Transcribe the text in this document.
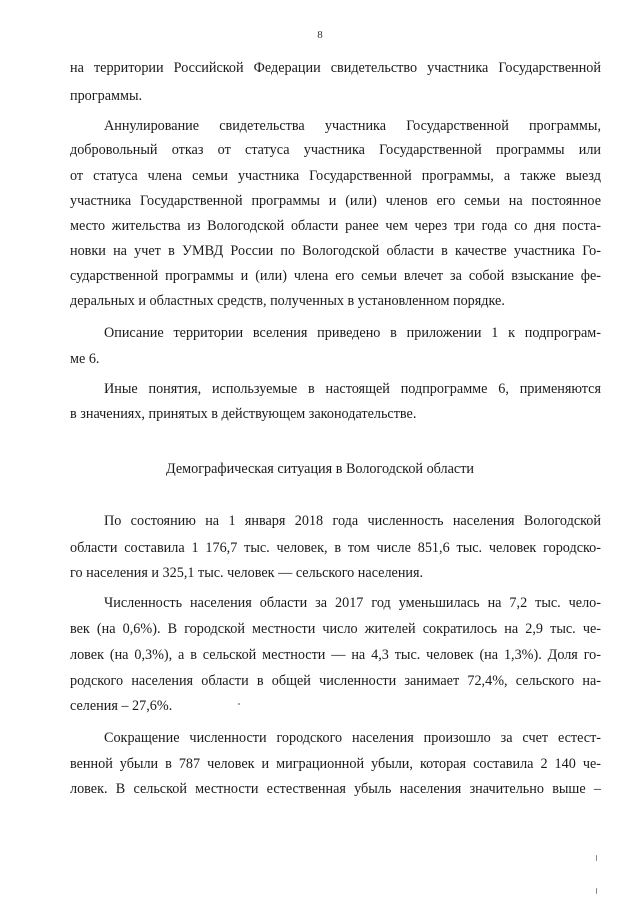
8
на территории Российской Федерации свидетельство участника Государственной
программы.
Аннулирование свидетельства участника Государственной программы,
добровольный отказ от статуса участника Государственной программы или
от статуса члена семьи участника Государственной программы, а также выезд
участника Государственной программы и (или) членов его семьи на постоянное
место жительства из Вологодской области ранее чем через три года со дня поста-
новки на учет в УМВД России по Вологодской области в качестве участника Го-
сударственной программы и (или) члена его семьи влечет за собой взыскание фе-
деральных и областных средств, полученных в установленном порядке.
Описание территории вселения приведено в приложении 1 к подпрограм-
ме 6.
Иные понятия, используемые в настоящей подпрограмме 6, применяются
в значениях, принятых в действующем законодательстве.
Демографическая ситуация в Вологодской области
По состоянию на 1 января 2018 года численность населения Вологодской
области составила 1 176,7 тыс. человек, в том числе 851,6 тыс. человек городско-
го населения и 325,1 тыс. человек — сельского населения.
Численность населения области за 2017 год уменьшилась на 7,2 тыс. чело-
век (на 0,6%). В городской местности число жителей сократилось на 2,9 тыс. че-
ловек (на 0,3%), а в сельской местности — на 4,3 тыс. человек (на 1,3%). Доля го-
родского населения области в общей численности занимает 72,4%, сельского на-
селения – 27,6%.
Сокращение численности городского населения произошло за счет естест-
венной убыли в 787 человек и миграционной убыли, которая составила 2 140 че-
ловек. В сельской местности естественная убыль населения значительно выше –
